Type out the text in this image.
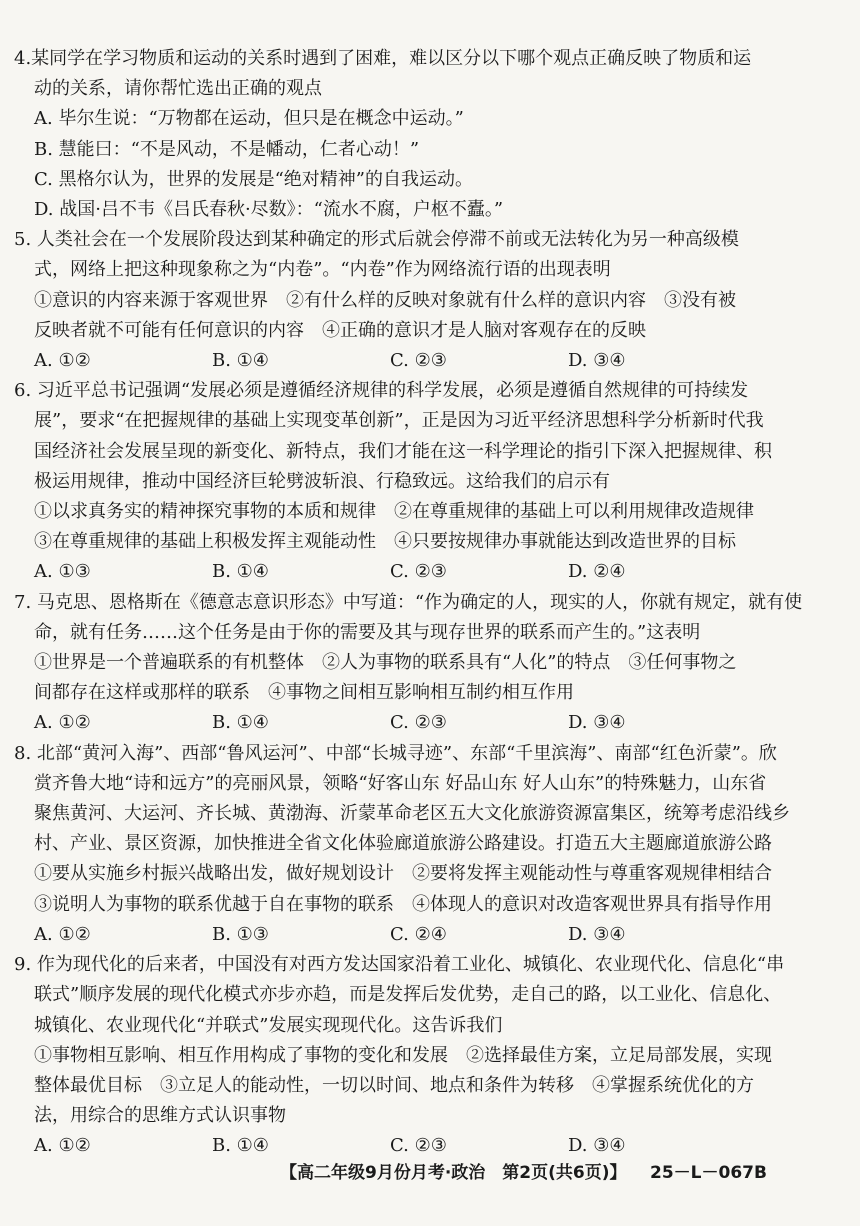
4.某同学在学习物质和运动的关系时遇到了困难，难以区分以下哪个观点正确反映了物质和运
动的关系，请你帮忙选出正确的观点
A. 毕尔生说：“万物都在运动，但只是在概念中运动。”
B. 慧能曰：“不是风动，不是幡动，仁者心动！”
C. 黑格尔认为，世界的发展是“绝对精神”的自我运动。
D. 战国·吕不韦《吕氏春秋·尽数》：“流水不腐，户枢不蠹。”
5. 人类社会在一个发展阶段达到某种确定的形式后就会停滞不前或无法转化为另一种高级模
式，网络上把这种现象称之为“内卷”。“内卷”作为网络流行语的出现表明
①意识的内容来源于客观世界　②有什么样的反映对象就有什么样的意识内容　③没有被
反映者就不可能有任何意识的内容　④正确的意识才是人脑对客观存在的反映
A. ①②	B. ①④	C. ②③	D. ③④
6. 习近平总书记强调“发展必须是遵循经济规律的科学发展，必须是遵循自然规律的可持续发
展”，要求“在把握规律的基础上实现变革创新”，正是因为习近平经济思想科学分析新时代我
国经济社会发展呈现的新变化、新特点，我们才能在这一科学理论的指引下深入把握规律、积
极运用规律，推动中国经济巨轮劈波斩浪、行稳致远。这给我们的启示有
①以求真务实的精神探究事物的本质和规律　②在尊重规律的基础上可以利用规律改造规律
③在尊重规律的基础上积极发挥主观能动性　④只要按规律办事就能达到改造世界的目标
A. ①③	B. ①④	C. ②③	D. ②④
7. 马克思、恩格斯在《德意志意识形态》中写道：“作为确定的人，现实的人，你就有规定，就有使
命，就有任务……这个任务是由于你的需要及其与现存世界的联系而产生的。”这表明
①世界是一个普遍联系的有机整体　②人为事物的联系具有“人化”的特点　③任何事物之
间都存在这样或那样的联系　④事物之间相互影响相互制约相互作用
A. ①②	B. ①④	C. ②③	D. ③④
8. 北部“黄河入海”、西部“鲁风运河”、中部“长城寻迹”、东部“千里滨海”、南部“红色沂蒙”。欣
赏齐鲁大地“诗和远方”的亮丽风景，领略“好客山东 好品山东 好人山东”的特殊魅力，山东省
聚焦黄河、大运河、齐长城、黄渤海、沂蒙革命老区五大文化旅游资源富集区，统筹考虑沿线乡
村、产业、景区资源，加快推进全省文化体验廊道旅游公路建设。打造五大主题廊道旅游公路
①要从实施乡村振兴战略出发，做好规划设计　②要将发挥主观能动性与尊重客观规律相结合
③说明人为事物的联系优越于自在事物的联系　④体现人的意识对改造客观世界具有指导作用
A. ①②	B. ①③	C. ②④	D. ③④
9. 作为现代化的后来者，中国没有对西方发达国家沿着工业化、城镇化、农业现代化、信息化“串
联式”顺序发展的现代化模式亦步亦趋，而是发挥后发优势，走自己的路，以工业化、信息化、
城镇化、农业现代化“并联式”发展实现现代化。这告诉我们
①事物相互影响、相互作用构成了事物的变化和发展　②选择最佳方案，立足局部发展，实现
整体最优目标　③立足人的能动性，一切以时间、地点和条件为转移　④掌握系统优化的方
法，用综合的思维方式认识事物
A. ①②	B. ①④	C. ②③	D. ③④
【高二年级9月份月考·政治　第2页(共6页)】 25－L－067B
